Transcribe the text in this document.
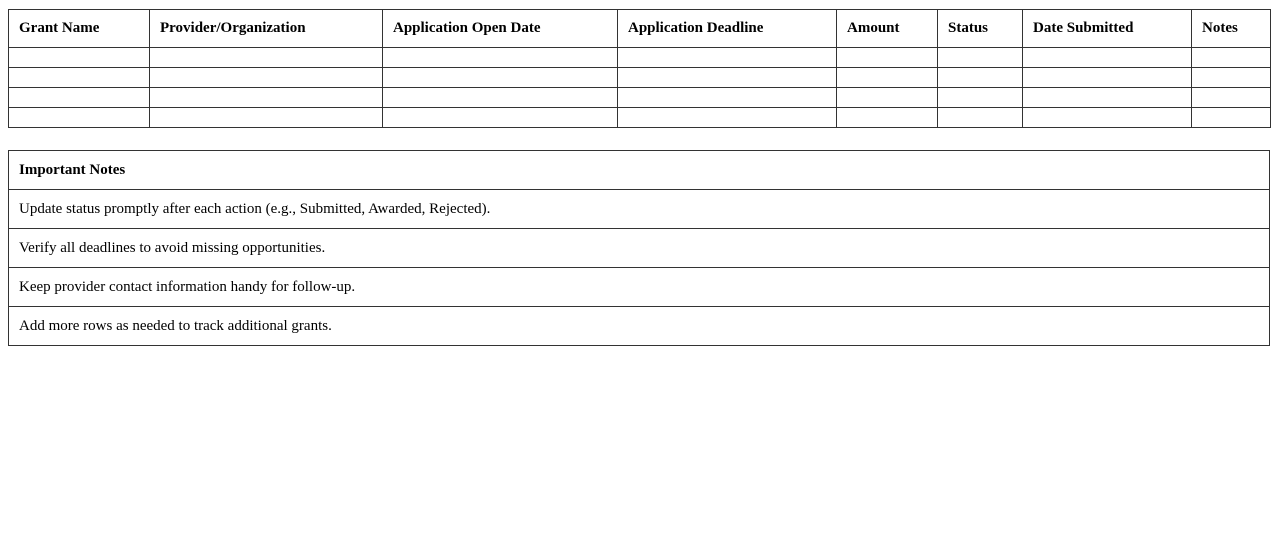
Grant Name	Provider/Organization	Application Open Date	Application Deadline	Amount	Status	Date Submitted	Notes

Important Notes
Update status promptly after each action (e.g., Submitted, Awarded, Rejected).
Verify all deadlines to avoid missing opportunities.
Keep provider contact information handy for follow-up.
Add more rows as needed to track additional grants.
